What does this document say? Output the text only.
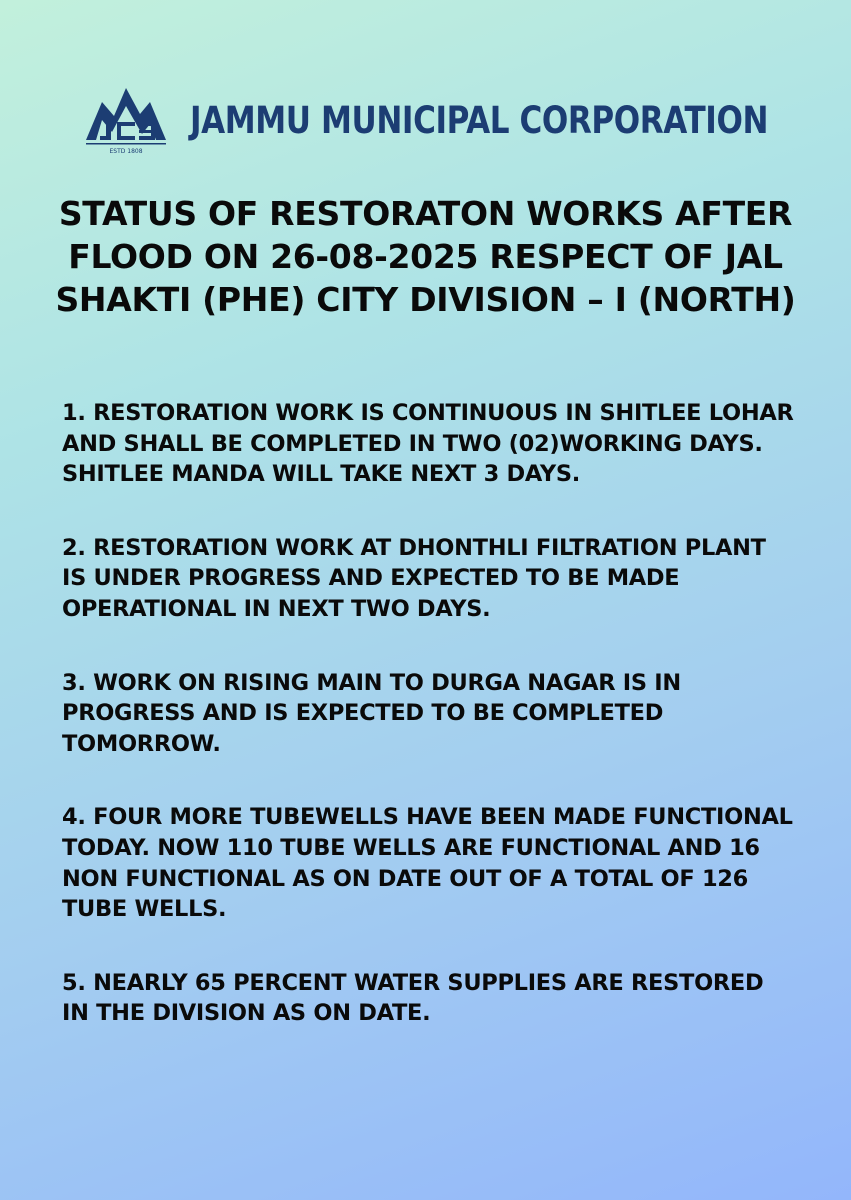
ESTD 1808
JAMMU MUNICIPAL CORPORATION
STATUS OF RESTORATON WORKS AFTER FLOOD ON 26-08-2025 RESPECT OF JAL SHAKTI (PHE) CITY DIVISION – I (NORTH)
1. RESTORATION WORK IS CONTINUOUS IN SHITLEE LOHAR AND SHALL BE COMPLETED IN TWO (02)WORKING DAYS. SHITLEE MANDA WILL TAKE NEXT 3 DAYS.
2. RESTORATION WORK AT DHONTHLI FILTRATION PLANT IS UNDER PROGRESS AND EXPECTED TO BE MADE OPERATIONAL IN NEXT TWO DAYS.
3. WORK ON RISING MAIN TO DURGA NAGAR IS IN PROGRESS AND IS EXPECTED TO BE COMPLETED TOMORROW.
4. FOUR MORE TUBEWELLS HAVE BEEN MADE FUNCTIONAL TODAY. NOW 110 TUBE WELLS ARE FUNCTIONAL AND 16 NON FUNCTIONAL AS ON DATE OUT OF A TOTAL OF 126 TUBE WELLS.
5. NEARLY 65 PERCENT WATER SUPPLIES ARE RESTORED IN THE DIVISION AS ON DATE.
